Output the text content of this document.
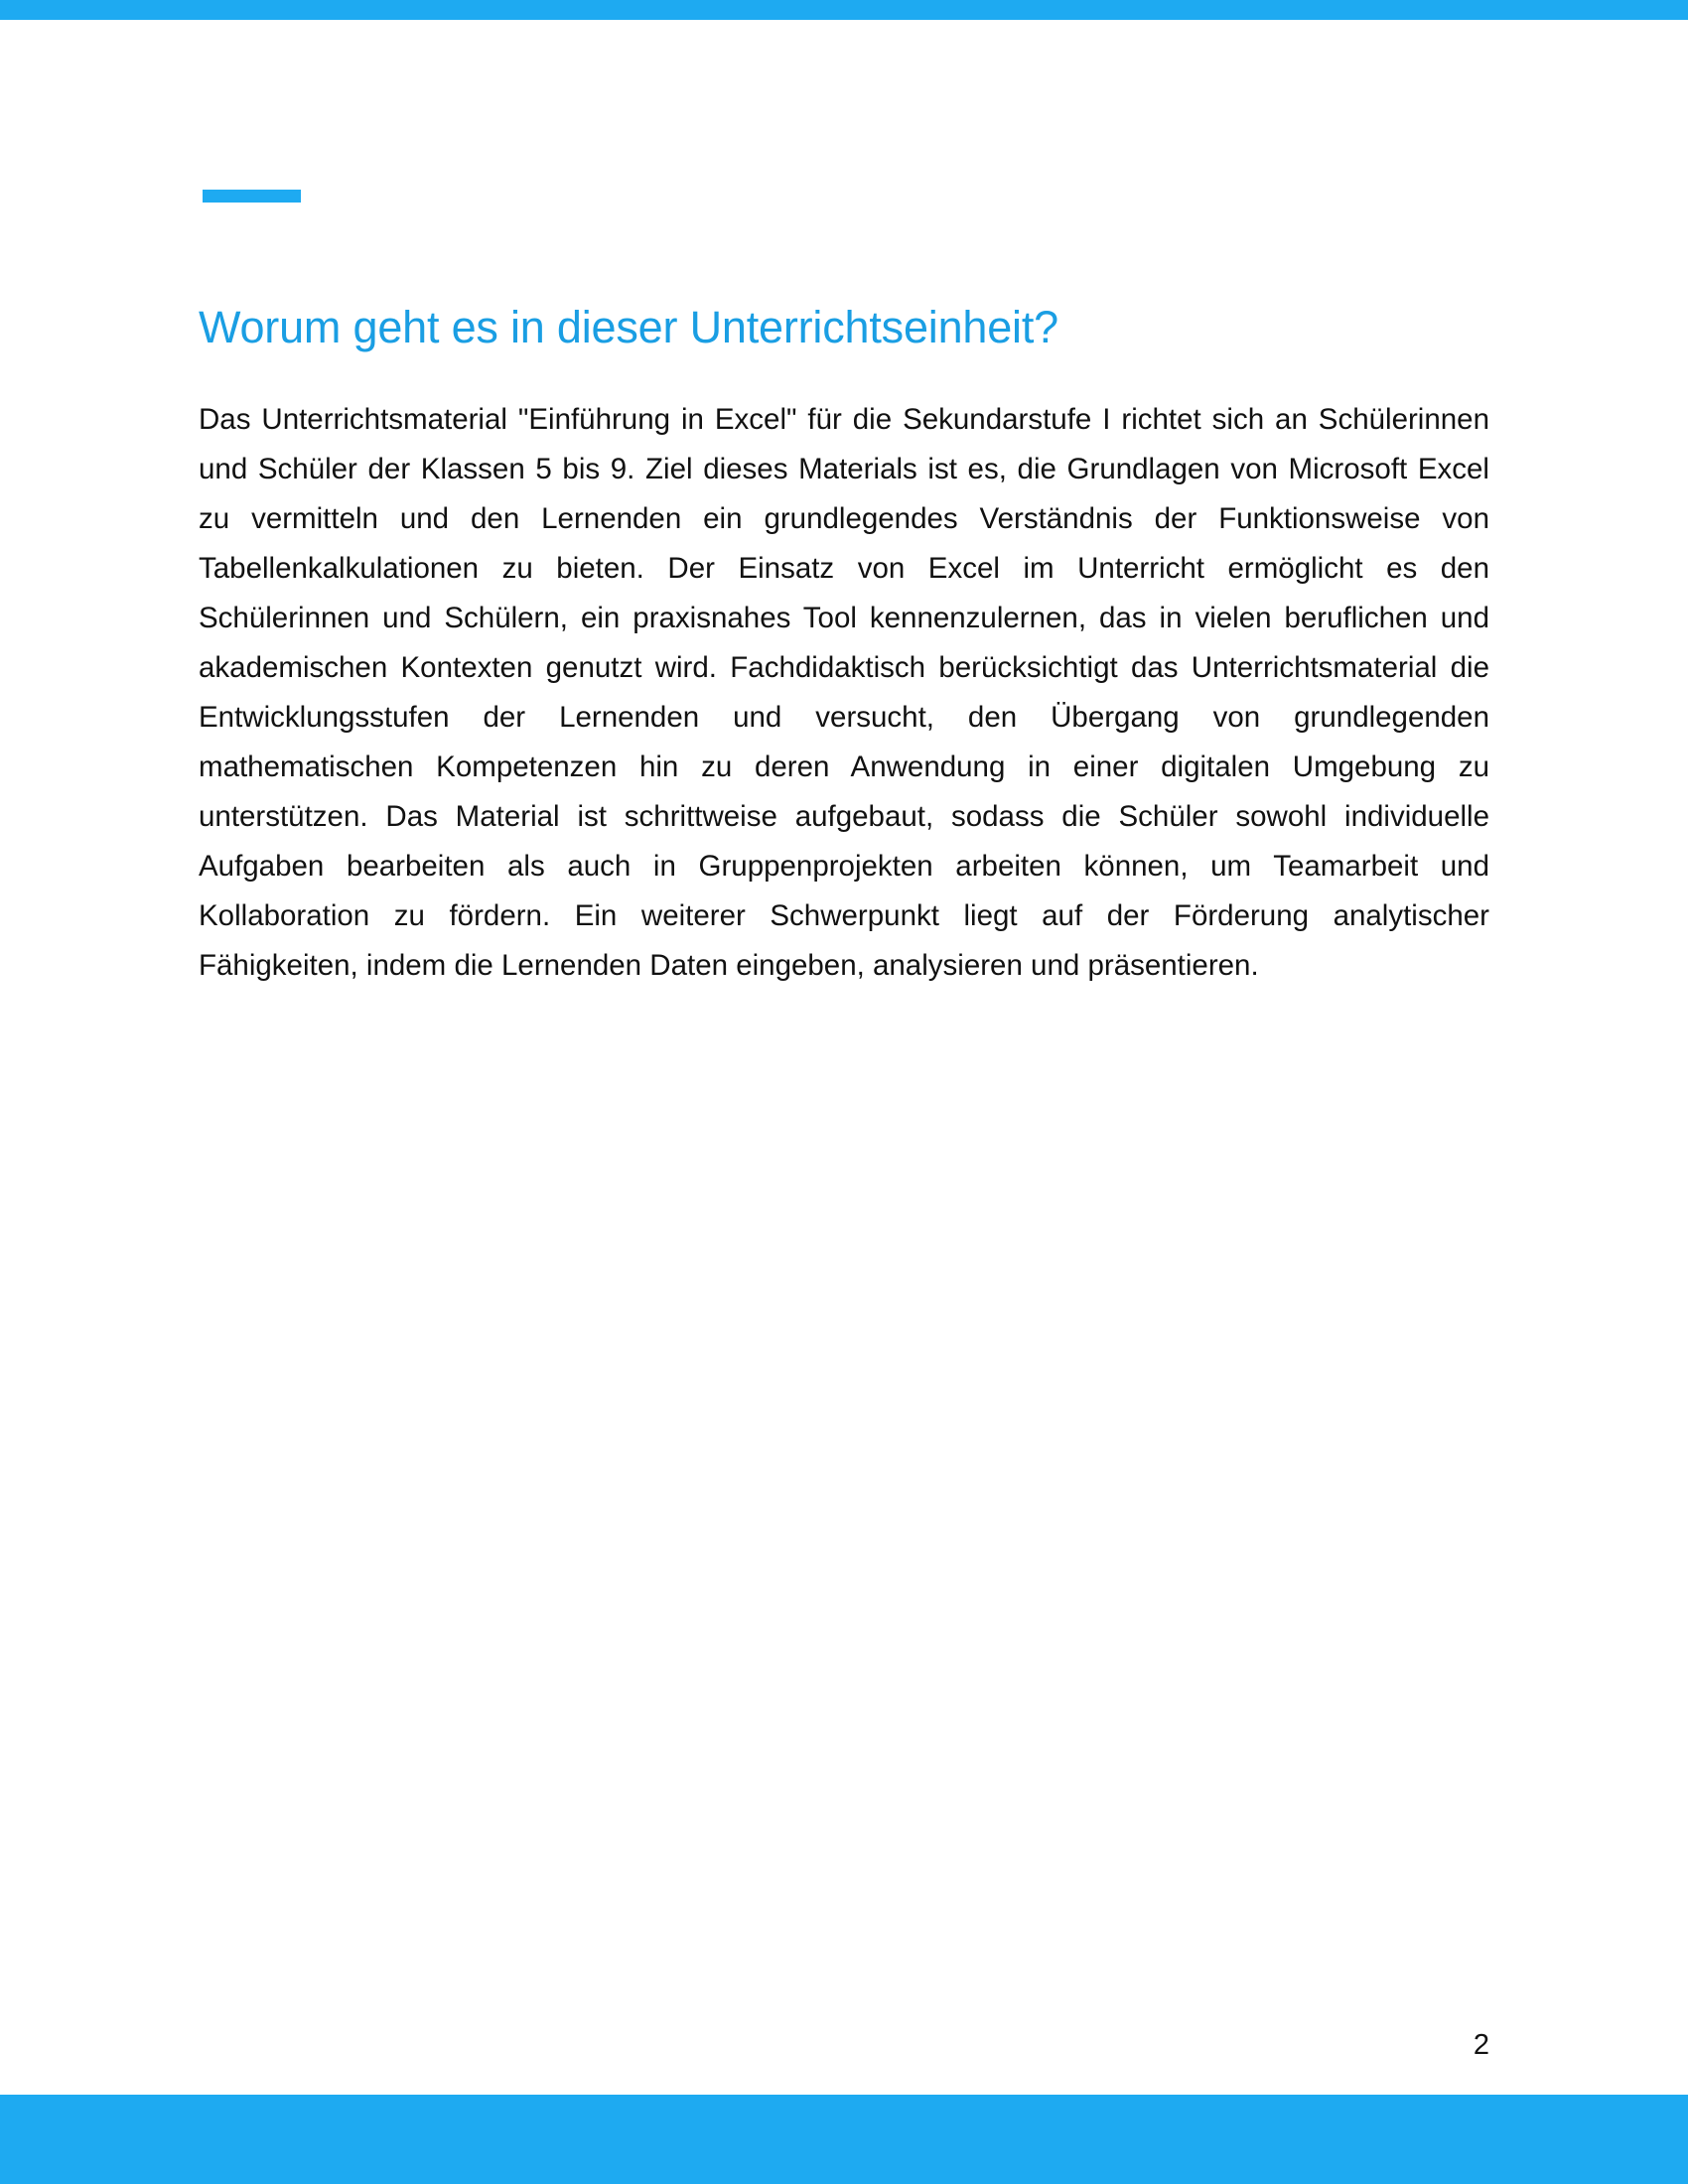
Worum geht es in dieser Unterrichtseinheit?

Das Unterrichtsmaterial "Einführung in Excel" für die Sekundarstufe I richtet sich an Schülerinnen und Schüler der Klassen 5 bis 9. Ziel dieses Materials ist es, die Grundlagen von Microsoft Excel zu vermitteln und den Lernenden ein grundlegendes Verständnis der Funktionsweise von Tabellenkalkulationen zu bieten. Der Einsatz von Excel im Unterricht ermöglicht es den Schülerinnen und Schülern, ein praxisnahes Tool kennenzulernen, das in vielen beruflichen und akademischen Kontexten genutzt wird. Fachdidaktisch berücksichtigt das Unterrichtsmaterial die Entwicklungsstufen der Lernenden und versucht, den Übergang von grundlegenden mathematischen Kompetenzen hin zu deren Anwendung in einer digitalen Umgebung zu unterstützen. Das Material ist schrittweise aufgebaut, sodass die Schüler sowohl individuelle Aufgaben bearbeiten als auch in Gruppenprojekten arbeiten können, um Teamarbeit und Kollaboration zu fördern. Ein weiterer Schwerpunkt liegt auf der Förderung analytischer Fähigkeiten, indem die Lernenden Daten eingeben, analysieren und präsentieren.

2
